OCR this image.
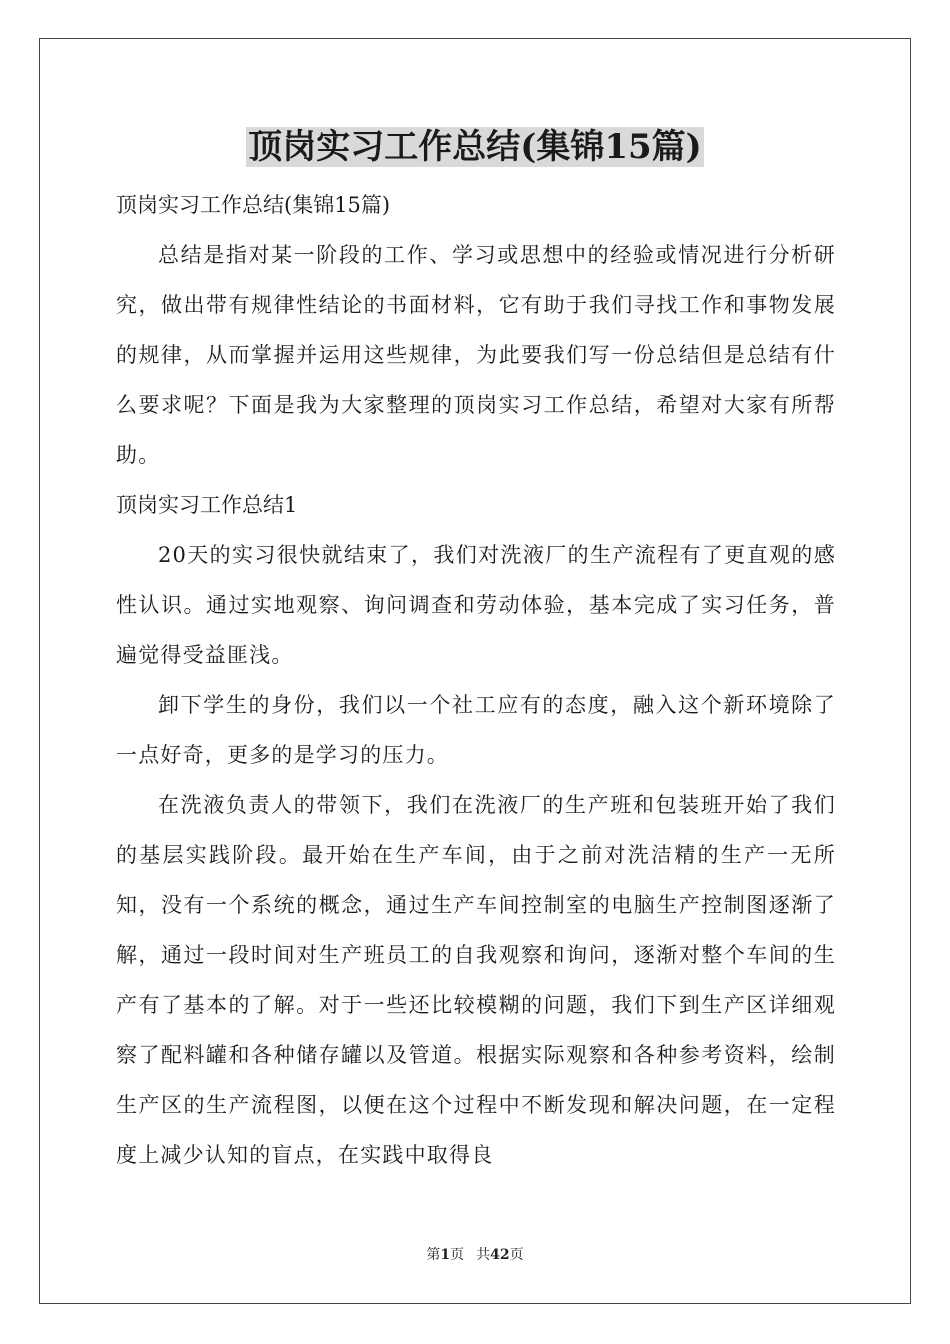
顶岗实习工作总结(集锦15篇)

顶岗实习工作总结(集锦15篇)

总结是指对某一阶段的工作、学习或思想中的经验或情况进行分析研究，做出带有规律性结论的书面材料，它有助于我们寻找工作和事物发展的规律，从而掌握并运用这些规律，为此要我们写一份总结但是总结有什么要求呢？下面是我为大家整理的顶岗实习工作总结，希望对大家有所帮助。

顶岗实习工作总结1

20天的实习很快就结束了，我们对洗液厂的生产流程有了更直观的感性认识。通过实地观察、询问调查和劳动体验，基本完成了实习任务，普遍觉得受益匪浅。

卸下学生的身份，我们以一个社工应有的态度，融入这个新环境除了一点好奇，更多的是学习的压力。

在洗液负责人的带领下，我们在洗液厂的生产班和包装班开始了我们的基层实践阶段。最开始在生产车间，由于之前对洗洁精的生产一无所知，没有一个系统的概念，通过生产车间控制室的电脑生产控制图逐渐了解，通过一段时间对生产班员工的自我观察和询问，逐渐对整个车间的生产有了基本的了解。对于一些还比较模糊的问题，我们下到生产区详细观察了配料罐和各种储存罐以及管道。根据实际观察和各种参考资料，绘制生产区的生产流程图，以便在这个过程中不断发现和解决问题，在一定程度上减少认知的盲点，在实践中取得良

第1页 共42页
